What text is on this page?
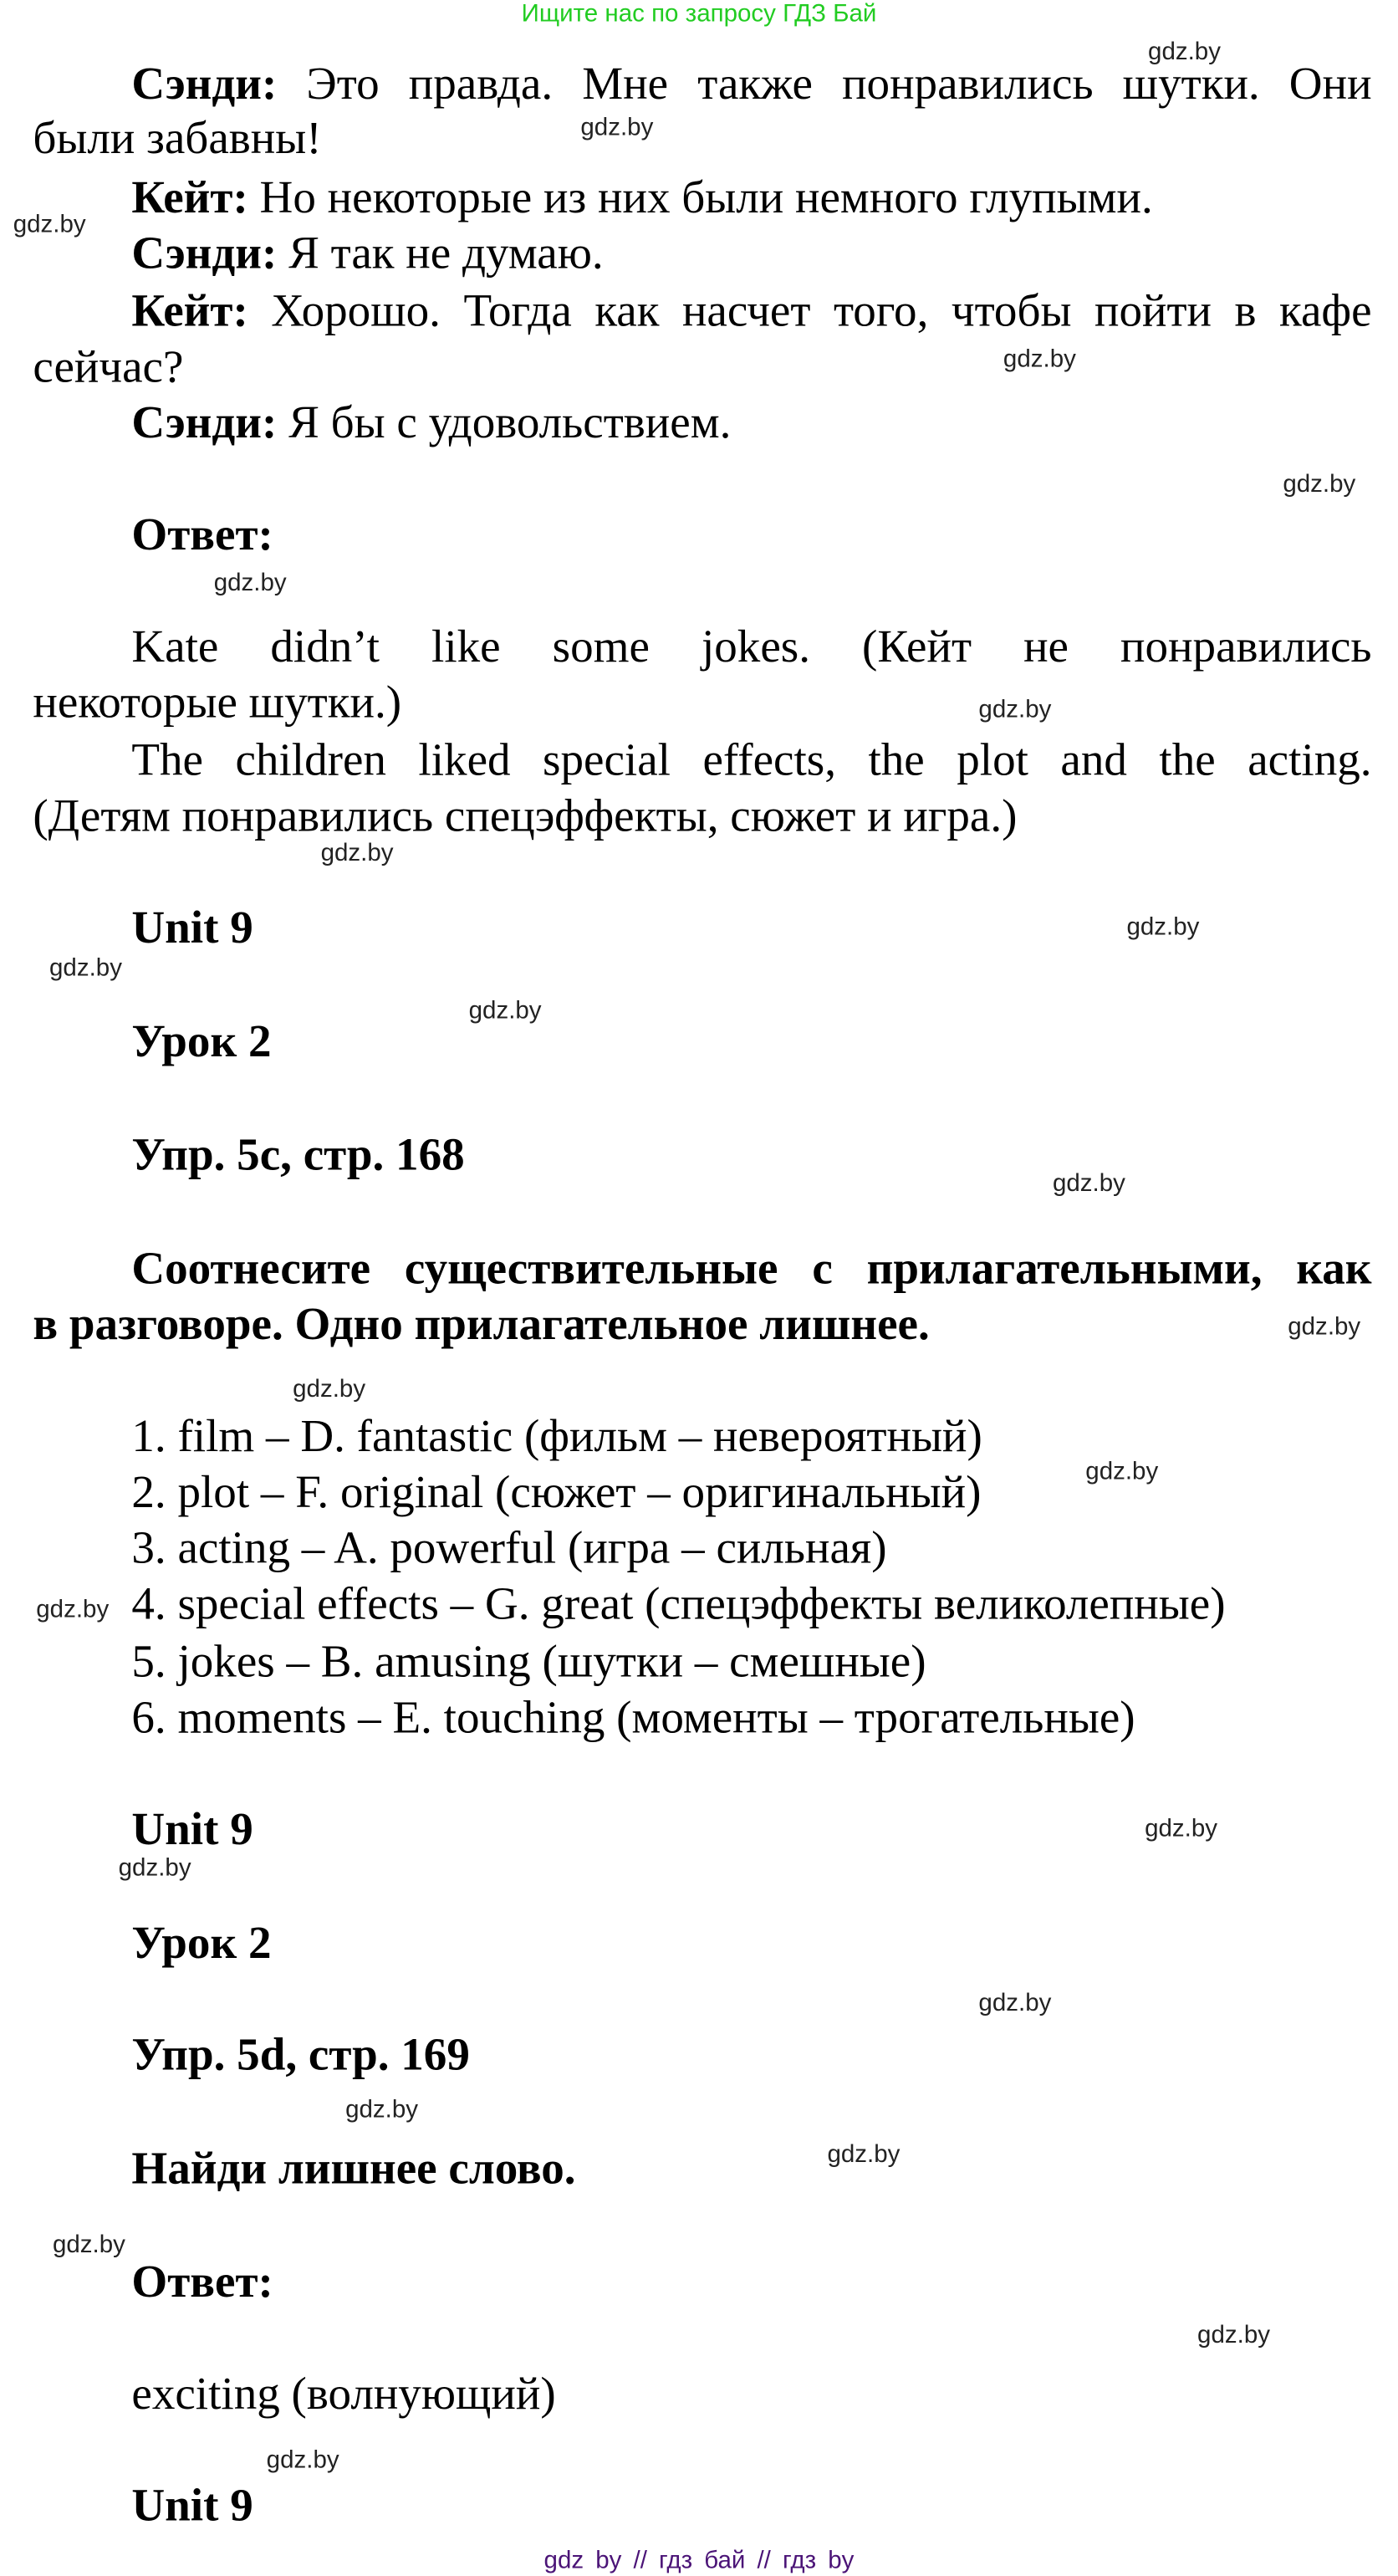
Ищите нас по запросу ГДЗ Бай
Сэнди: Это правда. Мне также понравились шутки. Они
были забавны!
Кейт: Но некоторые из них были немного глупыми.
Сэнди: Я так не думаю.
Кейт: Хорошо. Тогда как насчет того, чтобы пойти в кафе
сейчас?
Сэнди: Я бы с удовольствием.
Ответ:
Kate didn’t like some jokes. (Кейт не понравились
некоторые шутки.)
The children liked special effects, the plot and the acting.
(Детям понравились спецэффекты, сюжет и игра.)
Unit 9
Урок 2
Упр. 5с, стр. 168
Соотнесите существительные с прилагательными, как
в разговоре. Одно прилагательное лишнее.
1. film – D. fantastic (фильм – невероятный)
2. plot – F. original (сюжет – оригинальный)
3. acting – A. powerful (игра – сильная)
4. special effects – G. great (спецэффекты великолепные)
5. jokes – B. amusing (шутки – смешные)
6. moments – E. touching (моменты – трогательные)
Unit 9
Урок 2
Упр. 5d, стр. 169
Найди лишнее слово.
Ответ:
exciting (волнующий)
Unit 9
gdz.by
gdz.by
gdz.by
gdz.by
gdz.by
gdz.by
gdz.by
gdz.by
gdz.by
gdz.by
gdz.by
gdz.by
gdz.by
gdz.by
gdz.by
gdz.by
gdz.by
gdz.by
gdz.by
gdz.by
gdz.by
gdz.by
gdz.by
gdz.by
gdz by // гдз бай // гдз by
